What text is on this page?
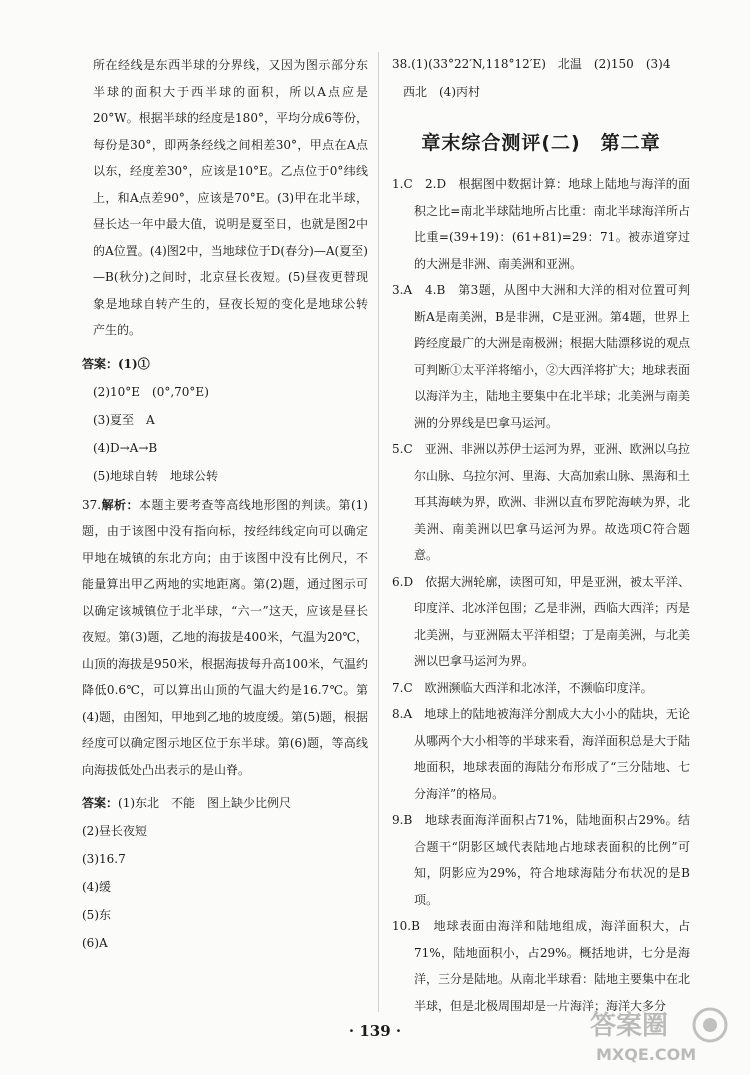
所在经线是东西半球的分界线，又因为图示部分东半球的面积大于西半球的面积，所以A点应是20°W。根据半球的经度是180°，平均分成6等份，每份是30°，即两条经线之间相差30°，甲点在A点以东，经度差30°，应该是10°E。乙点位于0°纬线上，和A点差90°，应该是70°E。(3)甲在北半球，昼长达一年中最大值，说明是夏至日，也就是图2中的A位置。(4)图2中，当地球位于D(春分)—A(夏至)—B(秋分)之间时，北京昼长夜短。(5)昼夜更替现象是地球自转产生的，昼夜长短的变化是地球公转产生的。

答案：(1)①

(2)10°E　(0°,70°E)

(3)夏至　A

(4)D→A→B

(5)地球自转　地球公转

37.解析：本题主要考查等高线地形图的判读。第(1)题，由于该图中没有指向标，按经纬线定向可以确定甲地在城镇的东北方向；由于该图中没有比例尺，不能量算出甲乙两地的实地距离。第(2)题，通过图示可以确定该城镇位于北半球，“六一”这天，应该是昼长夜短。第(3)题，乙地的海拔是400米，气温为20℃，山顶的海拔是950米，根据海拔每升高100米，气温约降低0.6℃，可以算出山顶的气温大约是16.7℃。第(4)题，由图知，甲地到乙地的坡度缓。第(5)题，根据经度可以确定图示地区位于东半球。第(6)题，等高线向海拔低处凸出表示的是山脊。

答案：(1)东北　不能　图上缺少比例尺

(2)昼长夜短

(3)16.7

(4)缓

(5)东

(6)A

38.(1)(33°22′N,118°12′E)　北温　(2)150　(3)4

西北　(4)丙村

章末综合测评(二)　第二章

1.C　2.D　根据图中数据计算：地球上陆地与海洋的面积之比=南北半球陆地所占比重：南北半球海洋所占比重=(39+19)：(61+81)=29：71。被赤道穿过的大洲是非洲、南美洲和亚洲。

3.A　4.B　第3题，从图中大洲和大洋的相对位置可判断A是南美洲，B是非洲，C是亚洲。第4题，世界上跨经度最广的大洲是南极洲；根据大陆漂移说的观点可判断①太平洋将缩小，②大西洋将扩大；地球表面以海洋为主，陆地主要集中在北半球；北美洲与南美洲的分界线是巴拿马运河。

5.C　亚洲、非洲以苏伊士运河为界，亚洲、欧洲以乌拉尔山脉、乌拉尔河、里海、大高加索山脉、黑海和土耳其海峡为界，欧洲、非洲以直布罗陀海峡为界，北美洲、南美洲以巴拿马运河为界。故选项C符合题意。

6.D　依据大洲轮廓，读图可知，甲是亚洲，被太平洋、印度洋、北冰洋包围；乙是非洲，西临大西洋；丙是北美洲，与亚洲隔太平洋相望；丁是南美洲，与北美洲以巴拿马运河为界。

7.C　欧洲濒临大西洋和北冰洋，不濒临印度洋。

8.A　地球上的陆地被海洋分割成大大小小的陆块，无论从哪两个大小相等的半球来看，海洋面积总是大于陆地面积，地球表面的海陆分布形成了“三分陆地、七分海洋”的格局。

9.B　地球表面海洋面积占71%，陆地面积占29%。结合题干“阴影区域代表陆地占地球表面积的比例”可知，阴影应为29%，符合地球海陆分布状况的是B项。

10.B　地球表面由海洋和陆地组成，海洋面积大，占71%，陆地面积小，占29%。概括地讲，七分是海洋，三分是陆地。从南北半球看：陆地主要集中在北半球，但是北极周围却是一片海洋；海洋大多分

· 139 ·	答案圈
MXQE.COM
